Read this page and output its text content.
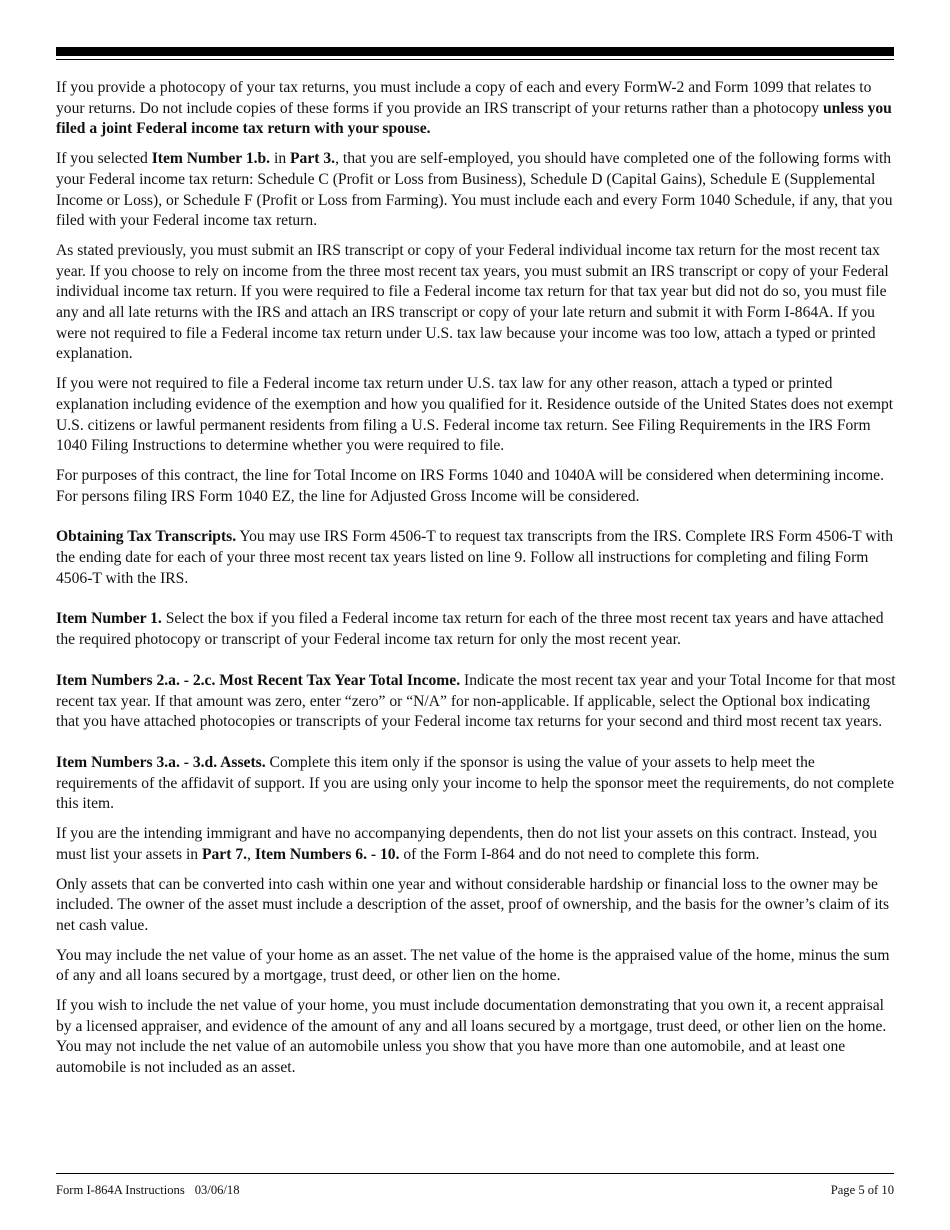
If you provide a photocopy of your tax returns, you must include a copy of each and every FormW-2 and Form 1099 that relates to your returns. Do not include copies of these forms if you provide an IRS transcript of your returns rather than a photocopy unless you filed a joint Federal income tax return with your spouse.

If you selected Item Number 1.b. in Part 3., that you are self-employed, you should have completed one of the following forms with your Federal income tax return: Schedule C (Profit or Loss from Business), Schedule D (Capital Gains), Schedule E (Supplemental Income or Loss), or Schedule F (Profit or Loss from Farming). You must include each and every Form 1040 Schedule, if any, that you filed with your Federal income tax return.

As stated previously, you must submit an IRS transcript or copy of your Federal individual income tax return for the most recent tax year. If you choose to rely on income from the three most recent tax years, you must submit an IRS transcript or copy of your Federal individual income tax return. If you were required to file a Federal income tax return for that tax year but did not do so, you must file any and all late returns with the IRS and attach an IRS transcript or copy of your late return and submit it with Form I-864A. If you were not required to file a Federal income tax return under U.S. tax law because your income was too low, attach a typed or printed explanation.

If you were not required to file a Federal income tax return under U.S. tax law for any other reason, attach a typed or printed explanation including evidence of the exemption and how you qualified for it. Residence outside of the United States does not exempt U.S. citizens or lawful permanent residents from filing a U.S. Federal income tax return. See Filing Requirements in the IRS Form 1040 Filing Instructions to determine whether you were required to file.

For purposes of this contract, the line for Total Income on IRS Forms 1040 and 1040A will be considered when determining income. For persons filing IRS Form 1040 EZ, the line for Adjusted Gross Income will be considered.

Obtaining Tax Transcripts. You may use IRS Form 4506-T to request tax transcripts from the IRS. Complete IRS Form 4506-T with the ending date for each of your three most recent tax years listed on line 9. Follow all instructions for completing and filing Form 4506-T with the IRS.

Item Number 1. Select the box if you filed a Federal income tax return for each of the three most recent tax years and have attached the required photocopy or transcript of your Federal income tax return for only the most recent year.

Item Numbers 2.a. - 2.c. Most Recent Tax Year Total Income. Indicate the most recent tax year and your Total Income for that most recent tax year. If that amount was zero, enter “zero” or “N/A” for non-applicable. If applicable, select the Optional box indicating that you have attached photocopies or transcripts of your Federal income tax returns for your second and third most recent tax years.

Item Numbers 3.a. - 3.d. Assets. Complete this item only if the sponsor is using the value of your assets to help meet the requirements of the affidavit of support. If you are using only your income to help the sponsor meet the requirements, do not complete this item.

If you are the intending immigrant and have no accompanying dependents, then do not list your assets on this contract. Instead, you must list your assets in Part 7., Item Numbers 6. - 10. of the Form I-864 and do not need to complete this form.

Only assets that can be converted into cash within one year and without considerable hardship or financial loss to the owner may be included. The owner of the asset must include a description of the asset, proof of ownership, and the basis for the owner’s claim of its net cash value.

You may include the net value of your home as an asset. The net value of the home is the appraised value of the home, minus the sum of any and all loans secured by a mortgage, trust deed, or other lien on the home.

If you wish to include the net value of your home, you must include documentation demonstrating that you own it, a recent appraisal by a licensed appraiser, and evidence of the amount of any and all loans secured by a mortgage, trust deed, or other lien on the home. You may not include the net value of an automobile unless you show that you have more than one automobile, and at least one automobile is not included as an asset.

Form I-864A Instructions 03/06/18	Page 5 of 10
